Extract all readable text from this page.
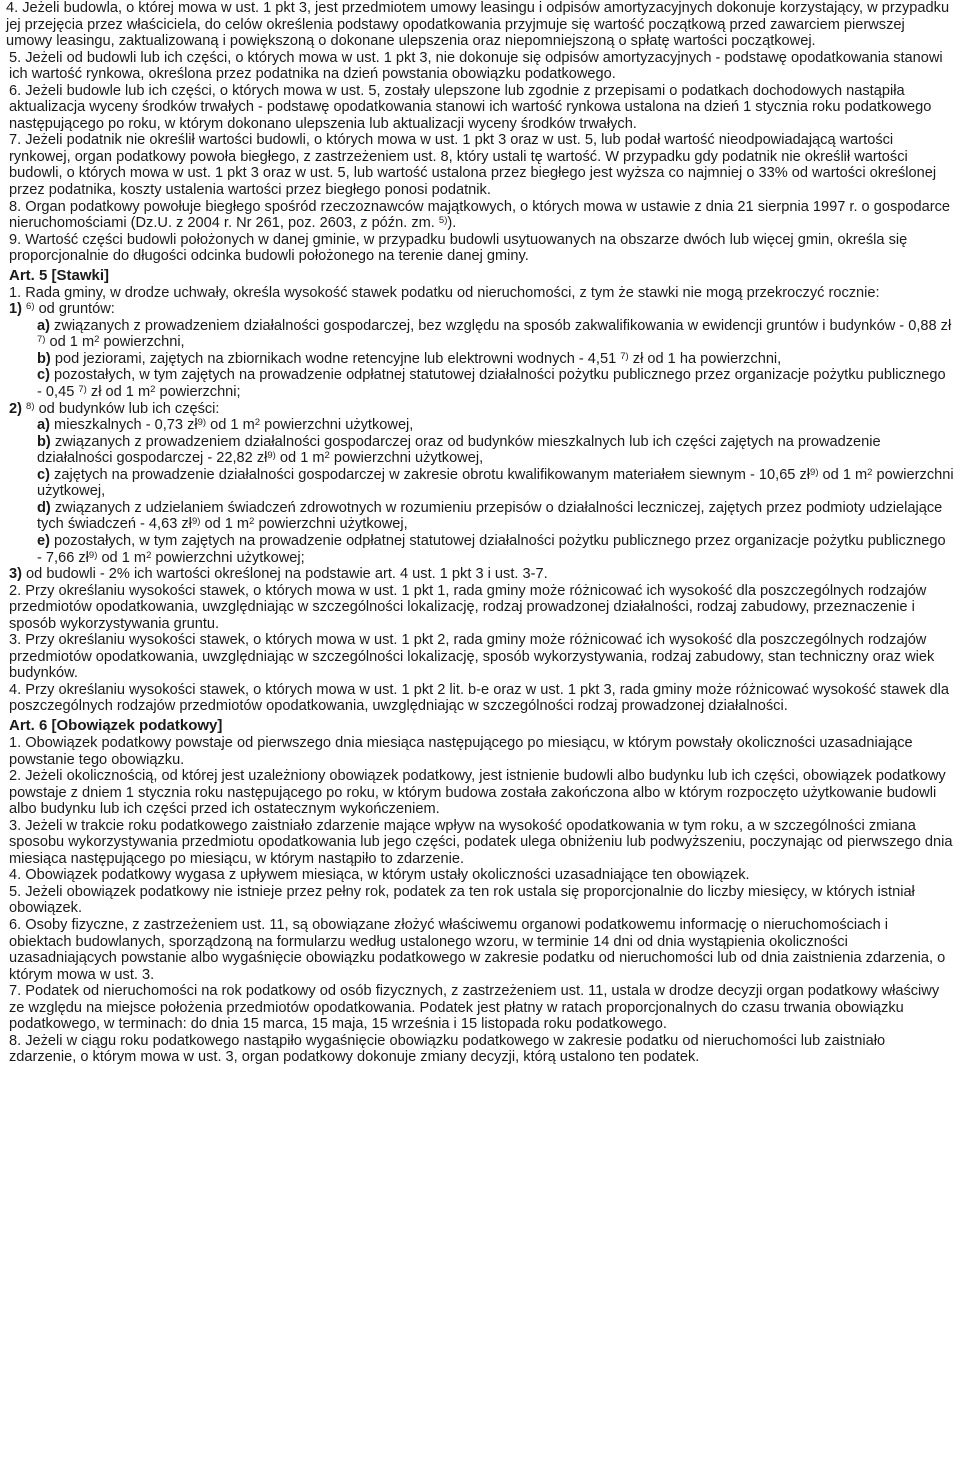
4. Jeżeli budowla, o której mowa w ust. 1 pkt 3, jest przedmiotem umowy leasingu i odpisów amortyzacyjnych dokonuje korzystający, w przypadku jej przejęcia przez właściciela, do celów określenia podstawy opodatkowania przyjmuje się wartość początkową przed zawarciem pierwszej umowy leasingu, zaktualizowaną i powiększoną o dokonane ulepszenia oraz niepomniejszoną o spłatę wartości początkowej.

5. Jeżeli od budowli lub ich części, o których mowa w ust. 1 pkt 3, nie dokonuje się odpisów amortyzacyjnych - podstawę opodatkowania stanowi ich wartość rynkowa, określona przez podatnika na dzień powstania obowiązku podatkowego.

6. Jeżeli budowle lub ich części, o których mowa w ust. 5, zostały ulepszone lub zgodnie z przepisami o podatkach dochodowych nastąpiła aktualizacja wyceny środków trwałych - podstawę opodatkowania stanowi ich wartość rynkowa ustalona na dzień 1 stycznia roku podatkowego następującego po roku, w którym dokonano ulepszenia lub aktualizacji wyceny środków trwałych.

7. Jeżeli podatnik nie określił wartości budowli, o których mowa w ust. 1 pkt 3 oraz w ust. 5, lub podał wartość nieodpowiadającą wartości rynkowej, organ podatkowy powoła biegłego, z zastrzeżeniem ust. 8, który ustali tę wartość. W przypadku gdy podatnik nie określił wartości budowli, o których mowa w ust. 1 pkt 3 oraz w ust. 5, lub wartość ustalona przez biegłego jest wyższa co najmniej o 33% od wartości określonej przez podatnika, koszty ustalenia wartości przez biegłego ponosi podatnik.

8. Organ podatkowy powołuje biegłego spośród rzeczoznawców majątkowych, o których mowa w ustawie z dnia 21 sierpnia 1997 r. o gospodarce nieruchomościami (Dz.U. z 2004 r. Nr 261, poz. 2603, z późn. zm. $^{5)}$).

9. Wartość części budowli położonych w danej gminie, w przypadku budowli usytuowanych na obszarze dwóch lub więcej gmin, określa się proporcjonalnie do długości odcinka budowli położonego na terenie danej gminy.

Art. 5 [Stawki]

1. Rada gminy, w drodze uchwały, określa wysokość stawek podatku od nieruchomości, z tym że stawki nie mogą przekroczyć rocznie:

1) $^{6)}$ od gruntów:

a) związanych z prowadzeniem działalności gospodarczej, bez względu na sposób zakwalifikowania w ewidencji gruntów i budynków - 0,88 zł $^{7)}$ od 1 $m^2$ powierzchni,

b) pod jeziorami, zajętych na zbiornikach wodne retencyjne lub elektrowni wodnych - 4,51 $^{7)}$ zł od 1 ha powierzchni,

c) pozostałych, w tym zajętych na prowadzenie odpłatnej statutowej działalności pożytku publicznego przez organizacje pożytku publicznego - 0,45 $^{7)}$ zł od 1 $m^2$ powierzchni;

2) $^{8)}$ od budynków lub ich części:

a) mieszkalnych - 0,73 $zł^{9)}$ od 1 $m^2$ powierzchni użytkowej,

b) związanych z prowadzeniem działalności gospodarczej oraz od budynków mieszkalnych lub ich części zajętych na prowadzenie działalności gospodarczej - 22,82 $zł^{9)}$ od 1 $m^2$ powierzchni użytkowej,

c) zajętych na prowadzenie działalności gospodarczej w zakresie obrotu kwalifikowanym materiałem siewnym - 10,65 $zł^{9)}$ od 1 $m^2$ powierzchni użytkowej,

d) związanych z udzielaniem świadczeń zdrowotnych w rozumieniu przepisów o działalności leczniczej, zajętych przez podmioty udzielające tych świadczeń - 4,63 $zł^{9)}$ od 1 $m^2$ powierzchni użytkowej,

e) pozostałych, w tym zajętych na prowadzenie odpłatnej statutowej działalności pożytku publicznego przez organizacje pożytku publicznego - 7,66 $zł^{9)}$ od 1 $m^2$ powierzchni użytkowej;

3) od budowli - 2% ich wartości określonej na podstawie art. 4 ust. 1 pkt 3 i ust. 3-7.

2. Przy określaniu wysokości stawek, o których mowa w ust. 1 pkt 1, rada gminy może różnicować ich wysokość dla poszczególnych rodzajów przedmiotów opodatkowania, uwzględniając w szczególności lokalizację, rodzaj prowadzonej działalności, rodzaj zabudowy, przeznaczenie i sposób wykorzystywania gruntu.

3. Przy określaniu wysokości stawek, o których mowa w ust. 1 pkt 2, rada gminy może różnicować ich wysokość dla poszczególnych rodzajów przedmiotów opodatkowania, uwzględniając w szczególności lokalizację, sposób wykorzystywania, rodzaj zabudowy, stan techniczny oraz wiek budynków.

4. Przy określaniu wysokości stawek, o których mowa w ust. 1 pkt 2 lit. b-e oraz w ust. 1 pkt 3, rada gminy może różnicować wysokość stawek dla poszczególnych rodzajów przedmiotów opodatkowania, uwzględniając w szczególności rodzaj prowadzonej działalności.

Art. 6 [Obowiązek podatkowy]

1. Obowiązek podatkowy powstaje od pierwszego dnia miesiąca następującego po miesiącu, w którym powstały okoliczności uzasadniające powstanie tego obowiązku.

2. Jeżeli okolicznością, od której jest uzależniony obowiązek podatkowy, jest istnienie budowli albo budynku lub ich części, obowiązek podatkowy powstaje z dniem 1 stycznia roku następującego po roku, w którym budowa została zakończona albo w którym rozpoczęto użytkowanie budowli albo budynku lub ich części przed ich ostatecznym wykończeniem.

3. Jeżeli w trakcie roku podatkowego zaistniało zdarzenie mające wpływ na wysokość opodatkowania w tym roku, a w szczególności zmiana sposobu wykorzystywania przedmiotu opodatkowania lub jego części, podatek ulega obniżeniu lub podwyższeniu, poczynając od pierwszego dnia miesiąca następującego po miesiącu, w którym nastąpiło to zdarzenie.

4. Obowiązek podatkowy wygasa z upływem miesiąca, w którym ustały okoliczności uzasadniające ten obowiązek.

5. Jeżeli obowiązek podatkowy nie istnieje przez pełny rok, podatek za ten rok ustala się proporcjonalnie do liczby miesięcy, w których istniał obowiązek.

6. Osoby fizyczne, z zastrzeżeniem ust. 11, są obowiązane złożyć właściwemu organowi podatkowemu informację o nieruchomościach i obiektach budowlanych, sporządzoną na formularzu według ustalonego wzoru, w terminie 14 dni od dnia wystąpienia okoliczności uzasadniających powstanie albo wygaśnięcie obowiązku podatkowego w zakresie podatku od nieruchomości lub od dnia zaistnienia zdarzenia, o którym mowa w ust. 3.

7. Podatek od nieruchomości na rok podatkowy od osób fizycznych, z zastrzeżeniem ust. 11, ustala w drodze decyzji organ podatkowy właściwy ze względu na miejsce położenia przedmiotów opodatkowania. Podatek jest płatny w ratach proporcjonalnych do czasu trwania obowiązku podatkowego, w terminach: do dnia 15 marca, 15 maja, 15 września i 15 listopada roku podatkowego.

8. Jeżeli w ciągu roku podatkowego nastąpiło wygaśnięcie obowiązku podatkowego w zakresie podatku od nieruchomości lub zaistniało zdarzenie, o którym mowa w ust. 3, organ podatkowy dokonuje zmiany decyzji, którą ustalono ten podatek.
